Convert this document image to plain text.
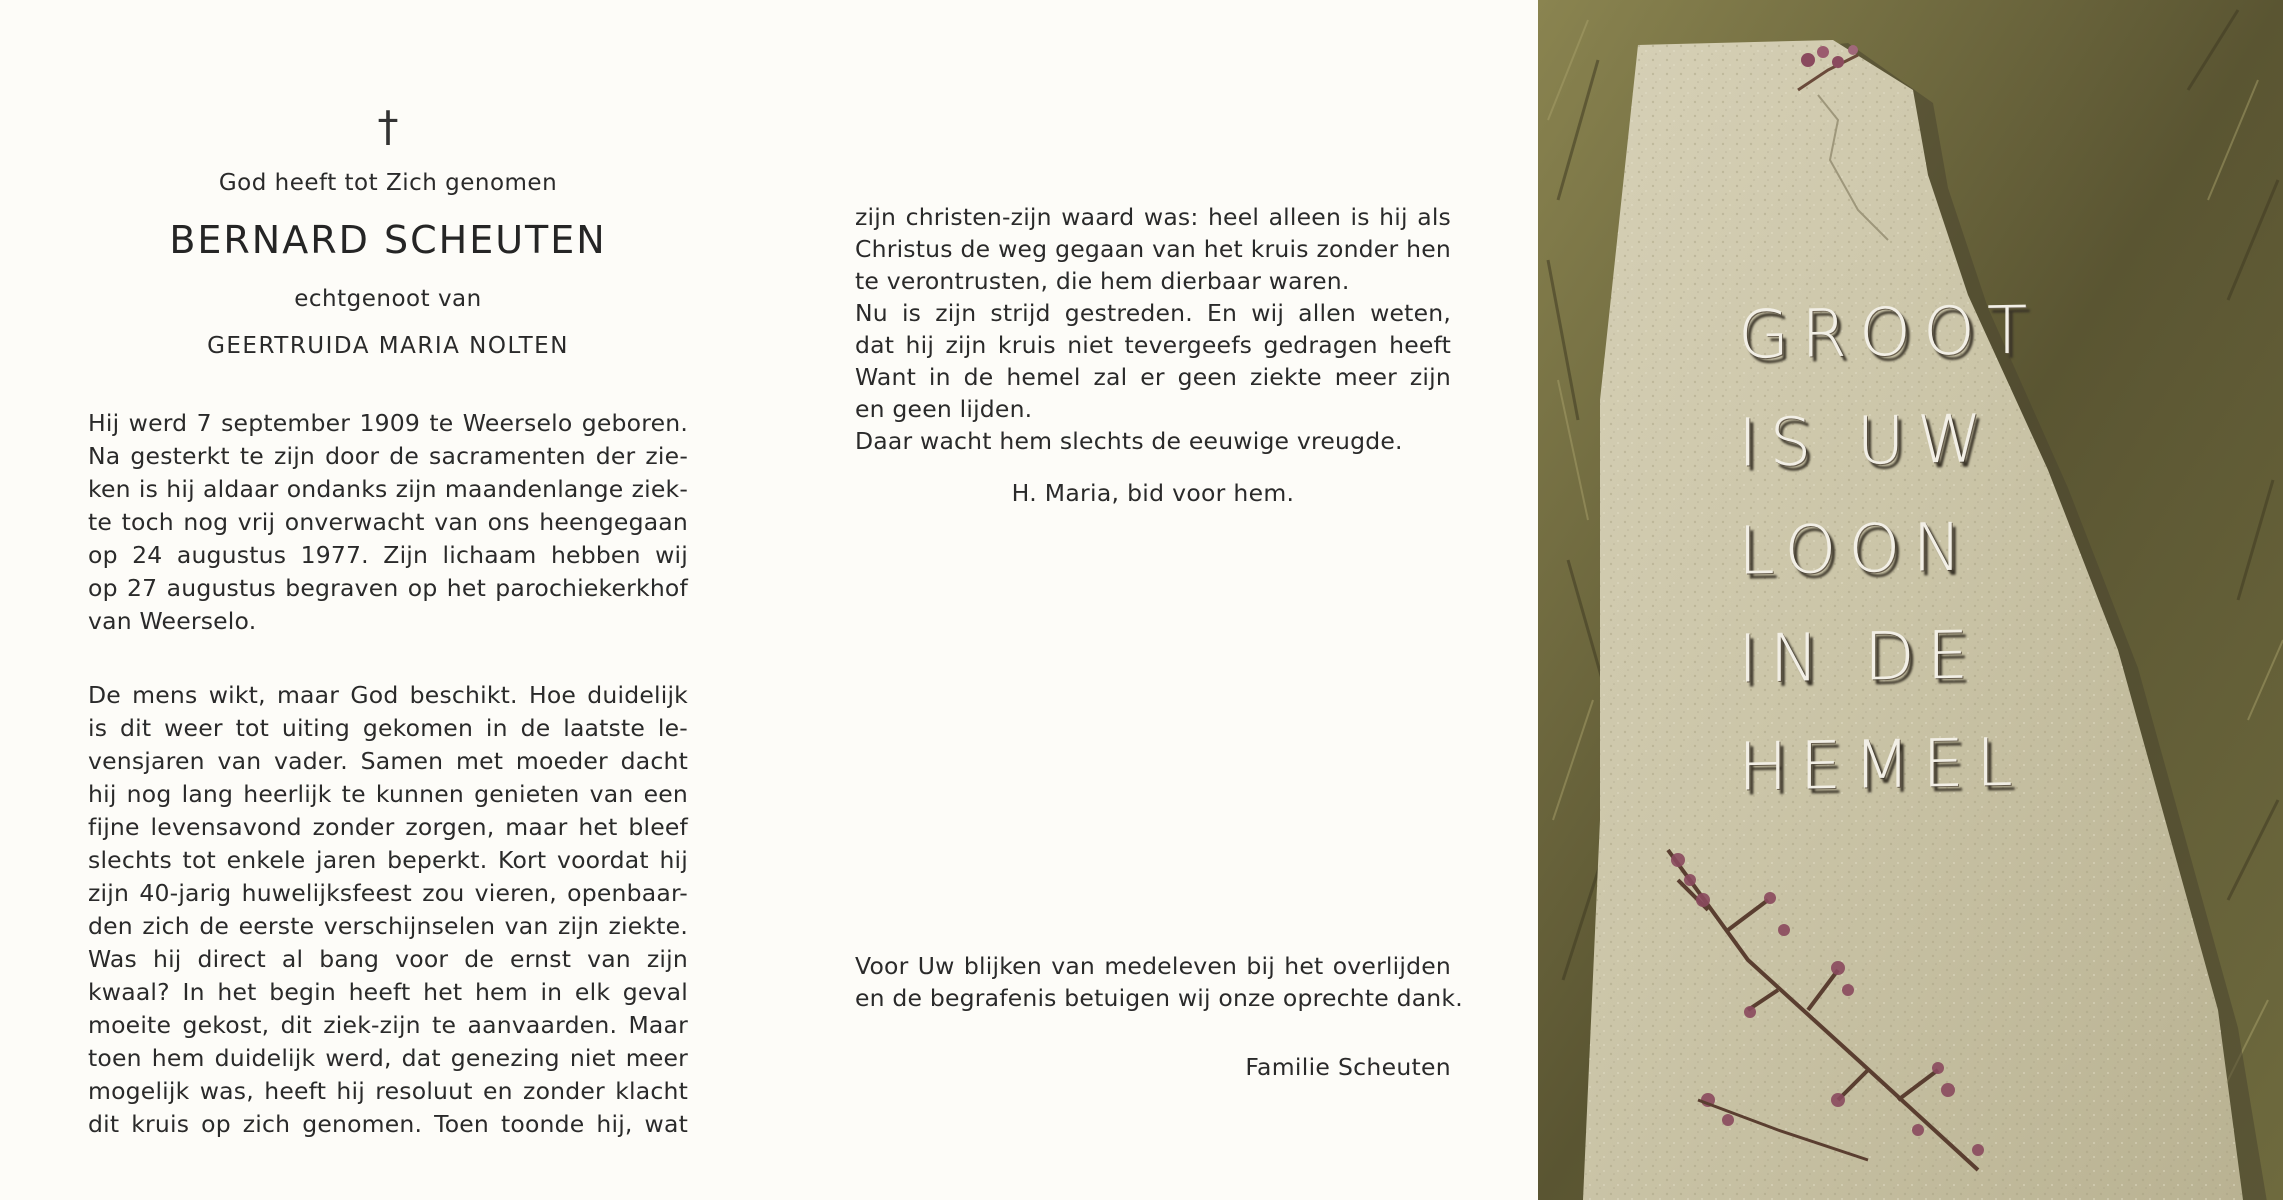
†
God heeft tot Zich genomen
BERNARD SCHEUTEN
echtgenoot van
GEERTRUIDA MARIA NOLTEN

Hij werd 7 september 1909 te Weerselo geboren.
Na gesterkt te zijn door de sacramenten der zie-
ken is hij aldaar ondanks zijn maandenlange ziek-
te toch nog vrij onverwacht van ons heengegaan
op 24 augustus 1977. Zijn lichaam hebben wij
op 27 augustus begraven op het parochiekerkhof
van Weerselo.

De mens wikt, maar God beschikt. Hoe duidelijk
is dit weer tot uiting gekomen in de laatste le-
vensjaren van vader. Samen met moeder dacht
hij nog lang heerlijk te kunnen genieten van een
fijne levensavond zonder zorgen, maar het bleef
slechts tot enkele jaren beperkt. Kort voordat hij
zijn 40-jarig huwelijksfeest zou vieren, openbaar-
den zich de eerste verschijnselen van zijn ziekte.
Was hij direct al bang voor de ernst van zijn
kwaal? In het begin heeft het hem in elk geval
moeite gekost, dit ziek-zijn te aanvaarden. Maar
toen hem duidelijk werd, dat genezing niet meer
mogelijk was, heeft hij resoluut en zonder klacht
dit kruis op zich genomen. Toen toonde hij, wat

zijn christen-zijn waard was: heel alleen is hij als
Christus de weg gegaan van het kruis zonder hen
te verontrusten, die hem dierbaar waren.
Nu is zijn strijd gestreden. En wij allen weten,
dat hij zijn kruis niet tevergeefs gedragen heeft
Want in de hemel zal er geen ziekte meer zijn
en geen lijden.
Daar wacht hem slechts de eeuwige vreugde.

H. Maria, bid voor hem.

Voor Uw blijken van medeleven bij het overlijden
en de begrafenis betuigen wij onze oprechte dank.

Familie Scheuten
GROOT
IS UW
LOON
IN DE
HEMEL
